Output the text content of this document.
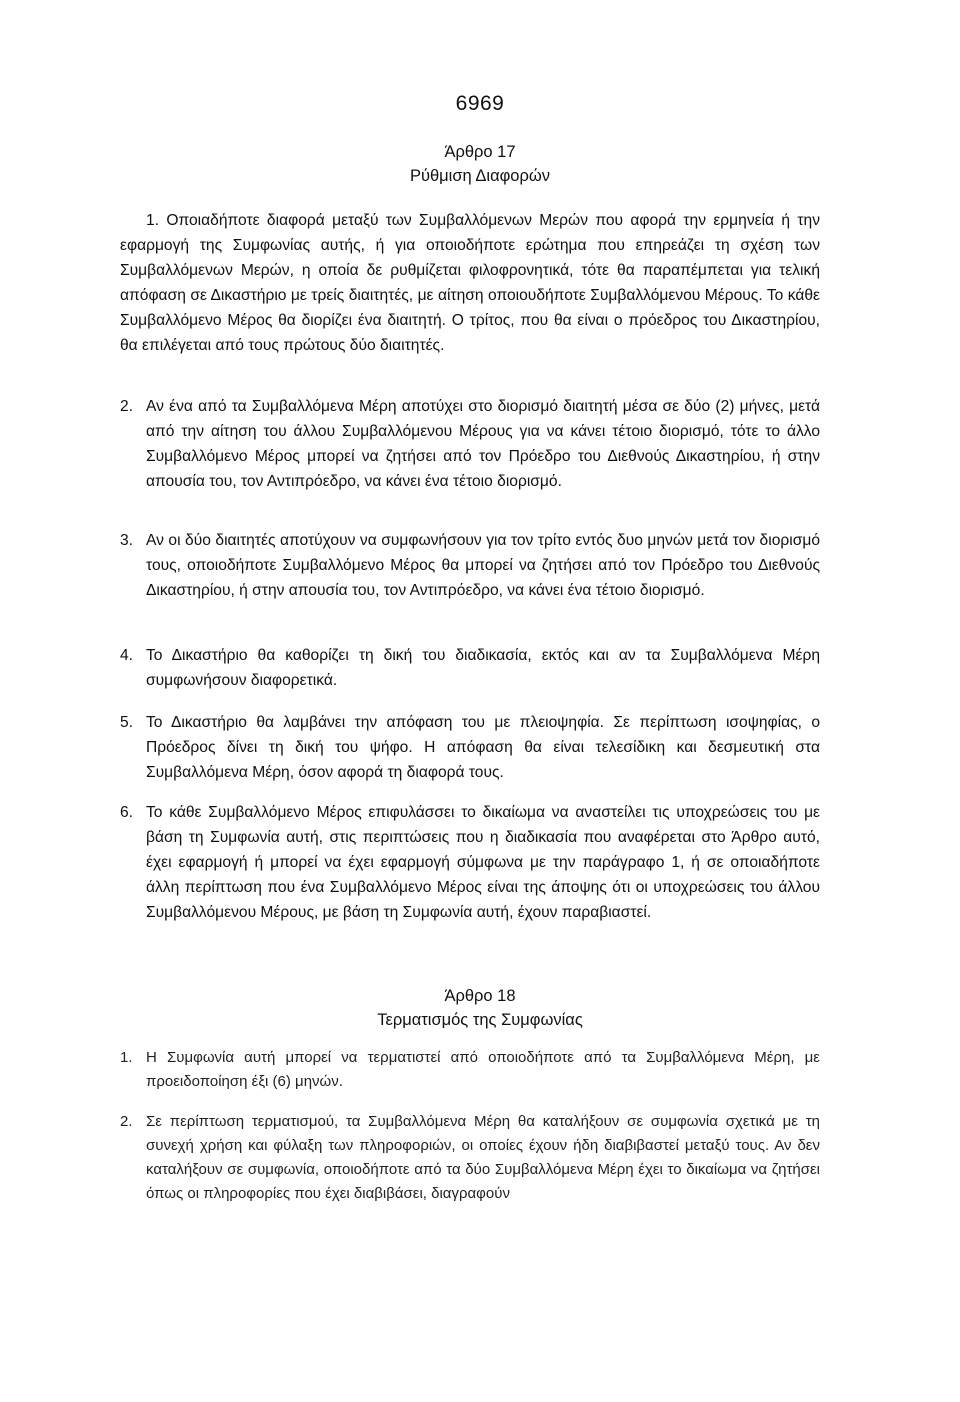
6969
Άρθρο 17
Ρύθμιση Διαφορών
1. Οποιαδήποτε διαφορά μεταξύ των Συμβαλλόμενων Μερών που αφορά την ερμηνεία ή την εφαρμογή της Συμφωνίας αυτής, ή για οποιοδήποτε ερώτημα που επηρεάζει τη σχέση των Συμβαλλόμενων Μερών, η οποία δε ρυθμίζεται φιλοφρονητικά, τότε θα παραπέμπεται για τελική απόφαση σε Δικαστήριο με τρείς διαιτητές, με αίτηση οποιουδήποτε Συμβαλλόμενου Μέρους. Το κάθε Συμβαλλόμενο Μέρος θα διορίζει ένα διαιτητή. Ο τρίτος, που θα είναι ο πρόεδρος του Δικαστηρίου, θα επιλέγεται από τους πρώτους δύο διαιτητές.
2. Αν ένα από τα Συμβαλλόμενα Μέρη αποτύχει στο διορισμό διαιτητή μέσα σε δύο (2) μήνες, μετά από την αίτηση του άλλου Συμβαλλόμενου Μέρους για να κάνει τέτοιο διορισμό, τότε το άλλο Συμβαλλόμενο Μέρος μπορεί να ζητήσει από τον Πρόεδρο του Διεθνούς Δικαστηρίου, ή στην απουσία του, τον Αντιπρόεδρο, να κάνει ένα τέτοιο διορισμό.
3. Αν οι δύο διαιτητές αποτύχουν να συμφωνήσουν για τον τρίτο εντός δυο μηνών μετά τον διορισμό τους, οποιοδήποτε Συμβαλλόμενο Μέρος θα μπορεί να ζητήσει από τον Πρόεδρο του Διεθνούς Δικαστηρίου, ή στην απουσία του, τον Αντιπρόεδρο, να κάνει ένα τέτοιο διορισμό.
4. Το Δικαστήριο θα καθορίζει τη δική του διαδικασία, εκτός και αν τα Συμβαλλόμενα Μέρη συμφωνήσουν διαφορετικά.
5. Το Δικαστήριο θα λαμβάνει την απόφαση του με πλειοψηφία. Σε περίπτωση ισοψηφίας, ο Πρόεδρος δίνει τη δική του ψήφο. Η απόφαση θα είναι τελεσίδικη και δεσμευτική στα Συμβαλλόμενα Μέρη, όσον αφορά τη διαφορά τους.
6. Το κάθε Συμβαλλόμενο Μέρος επιφυλάσσει το δικαίωμα να αναστείλει τις υποχρεώσεις του με βάση τη Συμφωνία αυτή, στις περιπτώσεις που η διαδικασία που αναφέρεται στο Άρθρο αυτό, έχει εφαρμογή ή μπορεί να έχει εφαρμογή σύμφωνα με την παράγραφο 1, ή σε οποιαδήποτε άλλη περίπτωση που ένα Συμβαλλόμενο Μέρος είναι της άποψης ότι οι υποχρεώσεις του άλλου Συμβαλλόμενου Μέρους, με βάση τη Συμφωνία αυτή, έχουν παραβιαστεί.
Άρθρο 18
Τερματισμός της Συμφωνίας
1. Η Συμφωνία αυτή μπορεί να τερματιστεί από οποιοδήποτε από τα Συμβαλλόμενα Μέρη, με προειδοποίηση έξι (6) μηνών.
2. Σε περίπτωση τερματισμού, τα Συμβαλλόμενα Μέρη θα καταλήξουν σε συμφωνία σχετικά με τη συνεχή χρήση και φύλαξη των πληροφοριών, οι οποίες έχουν ήδη διαβιβαστεί μεταξύ τους. Αν δεν καταλήξουν σε συμφωνία, οποιοδήποτε από τα δύο Συμβαλλόμενα Μέρη έχει το δικαίωμα να ζητήσει όπως οι πληροφορίες που έχει διαβιβάσει, διαγραφούν
